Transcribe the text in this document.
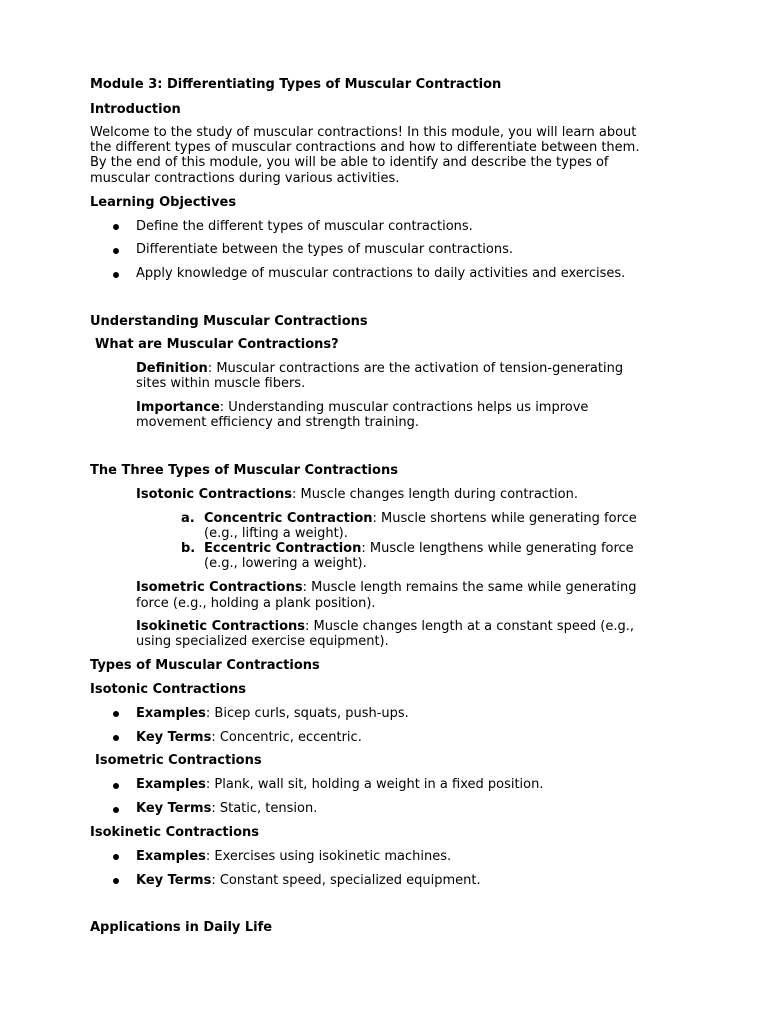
Module 3: Differentiating Types of Muscular Contraction
Introduction
Welcome to the study of muscular contractions! In this module, you will learn about
the different types of muscular contractions and how to differentiate between them.
By the end of this module, you will be able to identify and describe the types of
muscular contractions during various activities.
Learning Objectives
Define the different types of muscular contractions.
Differentiate between the types of muscular contractions.
Apply knowledge of muscular contractions to daily activities and exercises.
Understanding Muscular Contractions
What are Muscular Contractions?
Definition: Muscular contractions are the activation of tension-generating
sites within muscle fibers.
Importance: Understanding muscular contractions helps us improve
movement efficiency and strength training.
The Three Types of Muscular Contractions
Isotonic Contractions: Muscle changes length during contraction.
a. Concentric Contraction: Muscle shortens while generating force
(e.g., lifting a weight).
b. Eccentric Contraction: Muscle lengthens while generating force
(e.g., lowering a weight).
Isometric Contractions: Muscle length remains the same while generating
force (e.g., holding a plank position).
Isokinetic Contractions: Muscle changes length at a constant speed (e.g.,
using specialized exercise equipment).
Types of Muscular Contractions
Isotonic Contractions
Examples: Bicep curls, squats, push-ups.
Key Terms: Concentric, eccentric.
Isometric Contractions
Examples: Plank, wall sit, holding a weight in a fixed position.
Key Terms: Static, tension.
Isokinetic Contractions
Examples: Exercises using isokinetic machines.
Key Terms: Constant speed, specialized equipment.
Applications in Daily Life
